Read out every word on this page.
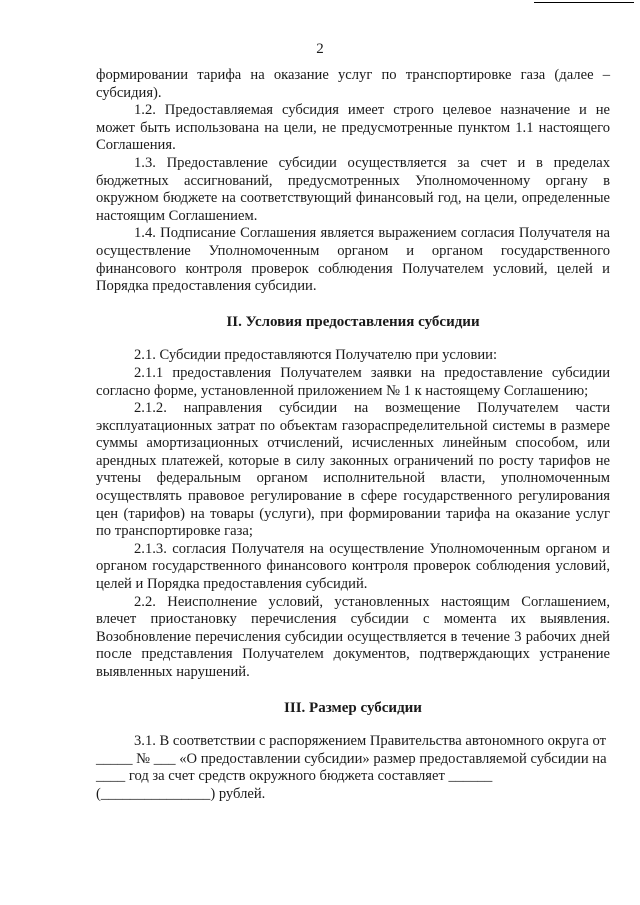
2

формировании тарифа на оказание услуг по транспортировке газа (далее – субсидия).

1.2. Предоставляемая субсидия имеет строго целевое назначение и не может быть использована на цели, не предусмотренные пунктом 1.1 настоящего Соглашения.

1.3. Предоставление субсидии осуществляется за счет и в пределах бюджетных ассигнований, предусмотренных Уполномоченному органу в окружном бюджете на соответствующий финансовый год, на цели, определенные настоящим Соглашением.

1.4. Подписание Соглашения является выражением согласия Получателя на осуществление Уполномоченным органом и органом государственного финансового контроля проверок соблюдения Получателем условий, целей и Порядка предоставления субсидии.

II. Условия предоставления субсидии

2.1. Субсидии предоставляются Получателю при условии:

2.1.1 предоставления Получателем заявки на предоставление субсидии согласно форме, установленной приложением № 1 к настоящему Соглашению;

2.1.2. направления субсидии на возмещение Получателем части эксплуатационных затрат по объектам газораспределительной системы в размере суммы амортизационных отчислений, исчисленных линейным способом, или арендных платежей, которые в силу законных ограничений по росту тарифов не учтены федеральным органом исполнительной власти, уполномоченным осуществлять правовое регулирование в сфере государственного регулирования цен (тарифов) на товары (услуги), при формировании тарифа на оказание услуг по транспортировке газа;

2.1.3. согласия Получателя на осуществление Уполномоченным органом и органом государственного финансового контроля проверок соблюдения условий, целей и Порядка предоставления субсидий.

2.2. Неисполнение условий, установленных настоящим Соглашением, влечет приостановку перечисления субсидии с момента их выявления. Возобновление перечисления субсидии осуществляется в течение 3 рабочих дней после представления Получателем документов, подтверждающих устранение выявленных нарушений.

III. Размер субсидии

3.1. В соответствии с распоряжением Правительства автономного округа от _____ № ___ «О предоставлении субсидии» размер предоставляемой субсидии на ____ год за счет средств окружного бюджета составляет ______ (_______________) рублей.
